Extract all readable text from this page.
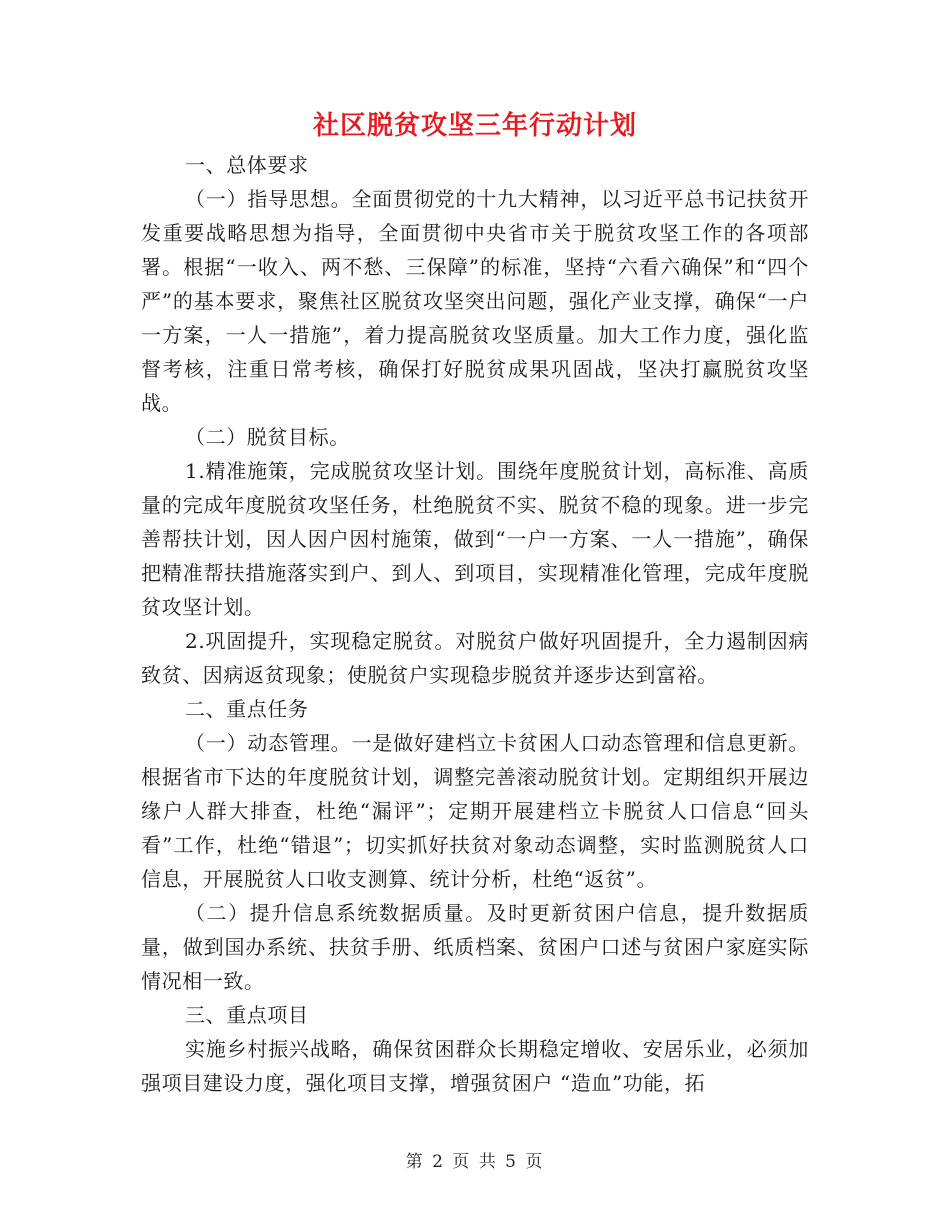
社区脱贫攻坚三年行动计划

一、总体要求

（一）指导思想。全面贯彻党的十九大精神，以习近平总书记扶贫开发重要战略思想为指导，全面贯彻中央省市关于脱贫攻坚工作的各项部署。根据“一收入、两不愁、三保障”的标准，坚持“六看六确保”和“四个严”的基本要求，聚焦社区脱贫攻坚突出问题，强化产业支撑，确保“一户一方案，一人一措施”，着力提高脱贫攻坚质量。加大工作力度，强化监督考核，注重日常考核，确保打好脱贫成果巩固战，坚决打赢脱贫攻坚战。

（二）脱贫目标。

1.精准施策，完成脱贫攻坚计划。围绕年度脱贫计划，高标准、高质量的完成年度脱贫攻坚任务，杜绝脱贫不实、脱贫不稳的现象。进一步完善帮扶计划，因人因户因村施策，做到“一户一方案、一人一措施”，确保把精准帮扶措施落实到户、到人、到项目，实现精准化管理，完成年度脱贫攻坚计划。

2.巩固提升，实现稳定脱贫。对脱贫户做好巩固提升，全力遏制因病致贫、因病返贫现象；使脱贫户实现稳步脱贫并逐步达到富裕。

二、重点任务

（一）动态管理。一是做好建档立卡贫困人口动态管理和信息更新。根据省市下达的年度脱贫计划，调整完善滚动脱贫计划。定期组织开展边缘户人群大排查，杜绝“漏评”；定期开展建档立卡脱贫人口信息“回头看”工作，杜绝“错退”；切实抓好扶贫对象动态调整，实时监测脱贫人口信息，开展脱贫人口收支测算、统计分析，杜绝“返贫”。

（二）提升信息系统数据质量。及时更新贫困户信息，提升数据质量，做到国办系统、扶贫手册、纸质档案、贫困户口述与贫困户家庭实际情况相一致。

三、重点项目

实施乡村振兴战略，确保贫困群众长期稳定增收、安居乐业，必须加强项目建设力度，强化项目支撑，增强贫困户 “造血”功能，拓

第 2 页 共 5 页
